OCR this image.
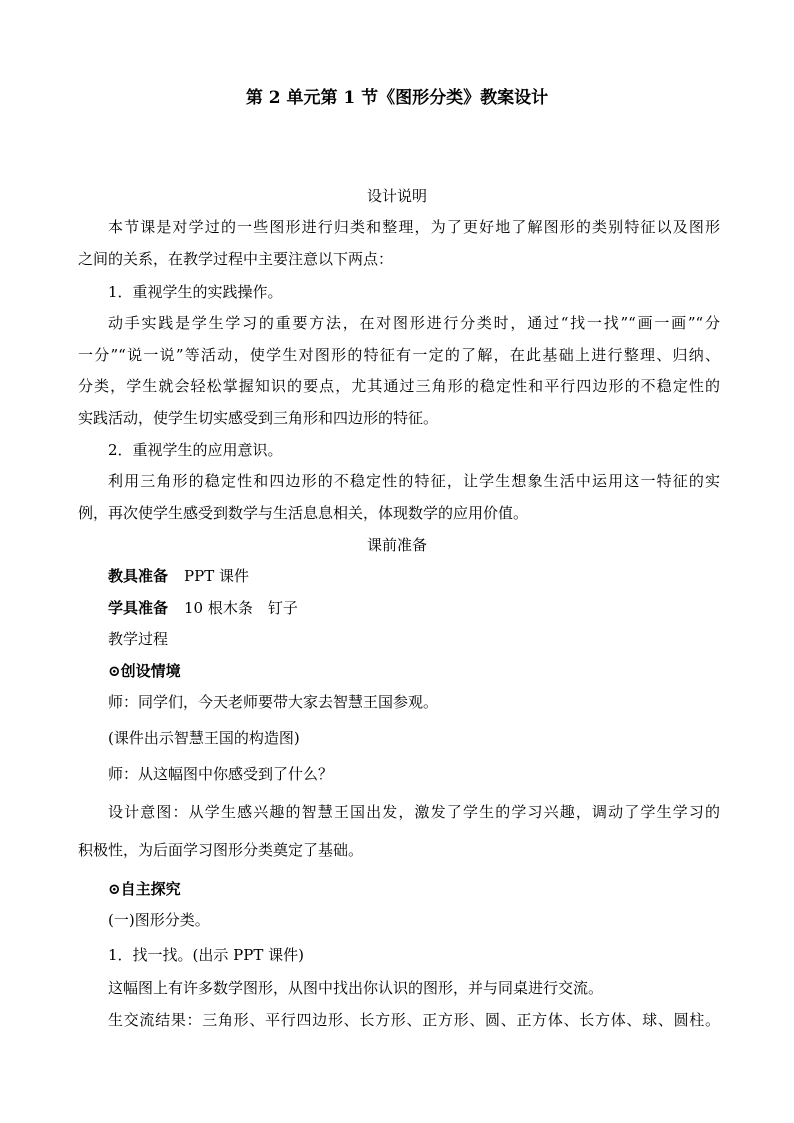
第 2 单元第 1 节《图形分类》教案设计
设计说明
本节课是对学过的一些图形进行归类和整理，为了更好地了解图形的类别特征以及图形
之间的关系，在教学过程中主要注意以下两点：
1．重视学生的实践操作。
动手实践是学生学习的重要方法，在对图形进行分类时，通过“找一找”“画一画”“分
一分”“说一说”等活动，使学生对图形的特征有一定的了解，在此基础上进行整理、归纳、
分类，学生就会轻松掌握知识的要点，尤其通过三角形的稳定性和平行四边形的不稳定性的
实践活动，使学生切实感受到三角形和四边形的特征。
2．重视学生的应用意识。
利用三角形的稳定性和四边形的不稳定性的特征，让学生想象生活中运用这一特征的实
例，再次使学生感受到数学与生活息息相关，体现数学的应用价值。
课前准备
教具准备 PPT 课件
学具准备 10 根木条　钉子
教学过程
⊙创设情境
师：同学们，今天老师要带大家去智慧王国参观。
(课件出示智慧王国的构造图)
师：从这幅图中你感受到了什么？
设计意图：从学生感兴趣的智慧王国出发，激发了学生的学习兴趣，调动了学生学习的
积极性，为后面学习图形分类奠定了基础。
⊙自主探究
(一)图形分类。
1．找一找。(出示 PPT 课件)
这幅图上有许多数学图形，从图中找出你认识的图形，并与同桌进行交流。
生交流结果：三角形、平行四边形、长方形、正方形、圆、正方体、长方体、球、圆柱。
